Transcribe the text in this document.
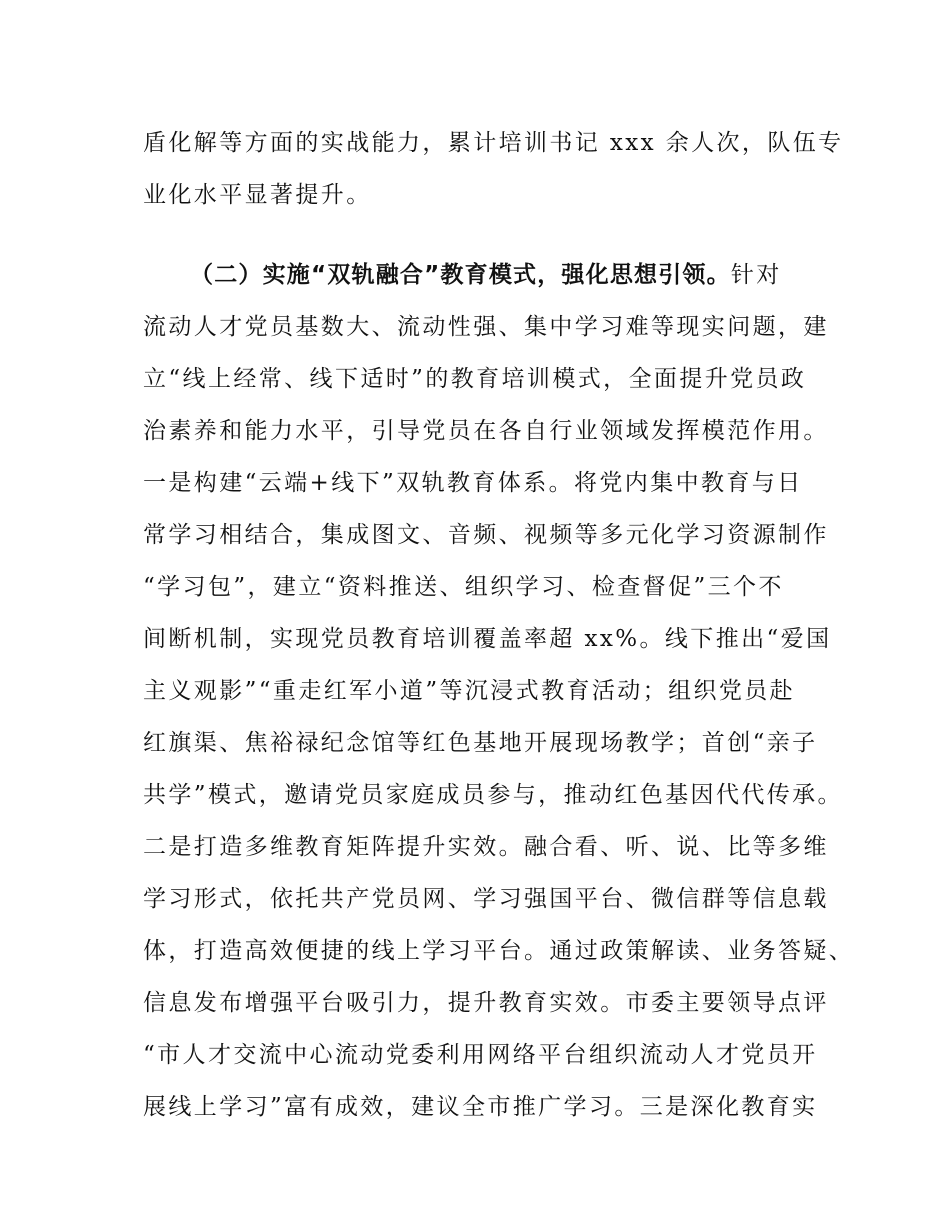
盾化解等方面的实战能力，累计培训书记 xxx 余人次，队伍专
业化水平显著提升。
（二）实施“双轨融合”教育模式，强化思想引领。针对
流动人才党员基数大、流动性强、集中学习难等现实问题，建
立“线上经常、线下适时”的教育培训模式，全面提升党员政
治素养和能力水平，引导党员在各自行业领域发挥模范作用。
一是构建“云端+线下”双轨教育体系。将党内集中教育与日
常学习相结合，集成图文、音频、视频等多元化学习资源制作
“学习包”，建立“资料推送、组织学习、检查督促”三个不
间断机制，实现党员教育培训覆盖率超 xx%。线下推出“爱国
主义观影”“重走红军小道”等沉浸式教育活动；组织党员赴
红旗渠、焦裕禄纪念馆等红色基地开展现场教学；首创“亲子
共学”模式，邀请党员家庭成员参与，推动红色基因代代传承。
二是打造多维教育矩阵提升实效。融合看、听、说、比等多维
学习形式，依托共产党员网、学习强国平台、微信群等信息载
体，打造高效便捷的线上学习平台。通过政策解读、业务答疑、
信息发布增强平台吸引力，提升教育实效。市委主要领导点评
“市人才交流中心流动党委利用网络平台组织流动人才党员开
展线上学习”富有成效，建议全市推广学习。三是深化教育实
